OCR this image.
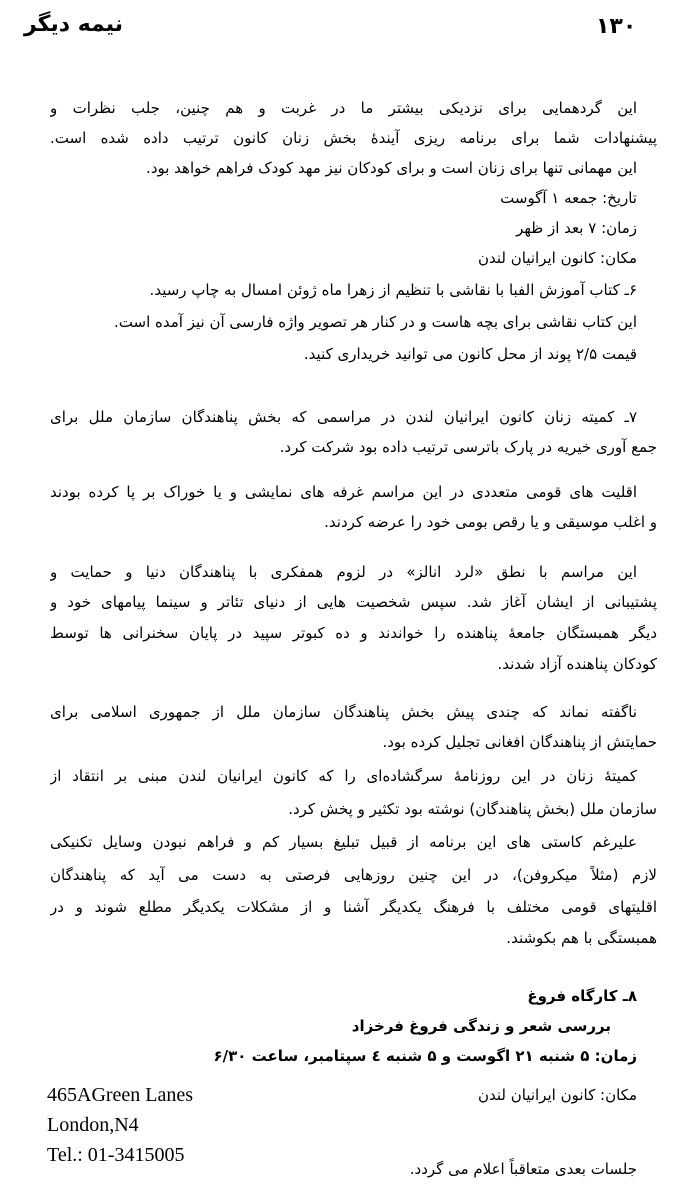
۱۳۰
نیمه دیگر
این گردهمایی برای نزدیکی بیشتر ما در غربت و هم چنین، جلب نظرات و
پیشنهادات شما برای برنامه ریزی آیندهٔ بخش زنان کانون ترتیب داده شده است.
این مهمانی تنها برای زنان است و برای کودکان نیز مهد کودک فراهم خواهد بود.
تاریخ: جمعه ۱ آگوست
زمان: ۷ بعد از ظهر
مکان: کانون ایرانیان لندن
۶ـ کتاب آموزش الفبا با نقاشی با تنظیم از زهرا ماه ژوئن امسال به چاپ رسید.
این کتاب نقاشی برای بچه هاست و در کنار هر تصویر واژه فارسی آن نیز آمده است.
قیمت ۲/۵ پوند از محل کانون می توانید خریداری کنید.
۷ـ کمیته زنان کانون ایرانیان لندن در مراسمی که بخش پناهندگان سازمان ملل برای
جمع آوری خیریه در پارک باترسی ترتیب داده بود شرکت کرد.
اقلیت های قومی متعددی در این مراسم غرفه های نمایشی و یا خوراک بر پا کرده بودند
و اغلب موسیقی و یا رقص بومی خود را عرضه کردند.
این مراسم با نطق «لرد انالز» در لزوم همفکری با پناهندگان دنیا و حمایت و
پشتیبانی از ایشان آغاز شد. سپس شخصیت هایی از دنیای تئاتر و سینما پیامهای خود و
دیگر همبستگان جامعهٔ پناهنده را خواندند و ده کبوتر سپید در پایان سخنرانی ها توسط
کودکان پناهنده آزاد شدند.
ناگفته نماند که چندی پیش بخش پناهندگان سازمان ملل از جمهوری اسلامی برای
حمایتش از پناهندگان افغانی تجلیل کرده بود.
کمیتهٔ زنان در این روزنامهٔ سرگشاده‌ای را که کانون ایرانیان لندن مبنی بر انتقاد از
سازمان ملل (بخش پناهندگان) نوشته بود تکثیر و پخش کرد.
علیرغم کاستی های این برنامه از قبیل تبلیغ بسیار کم و فراهم نبودن وسایل تکنیکی
لازم (مثلاً میکروفن)، در این چنین روزهایی فرصتی به دست می آید که پناهندگان
اقلیتهای قومی مختلف با فرهنگ یکدیگر آشنا و از مشکلات یکدیگر مطلع شوند و در
همبستگی با هم بکوشند.
۸ـ کارگاه فروغ
بررسی شعر و زندگی فروغ فرخزاد
زمان: ۵ شنبه ۲۱ اگوست و ۵ شنبه ٤ سپتامبر، ساعت ۶/۳۰
مکان: کانون ایرانیان لندن
جلسات بعدی متعاقباً اعلام می گردد.
465AGreen Lanes
London,N4
Tel.: 01-3415005
